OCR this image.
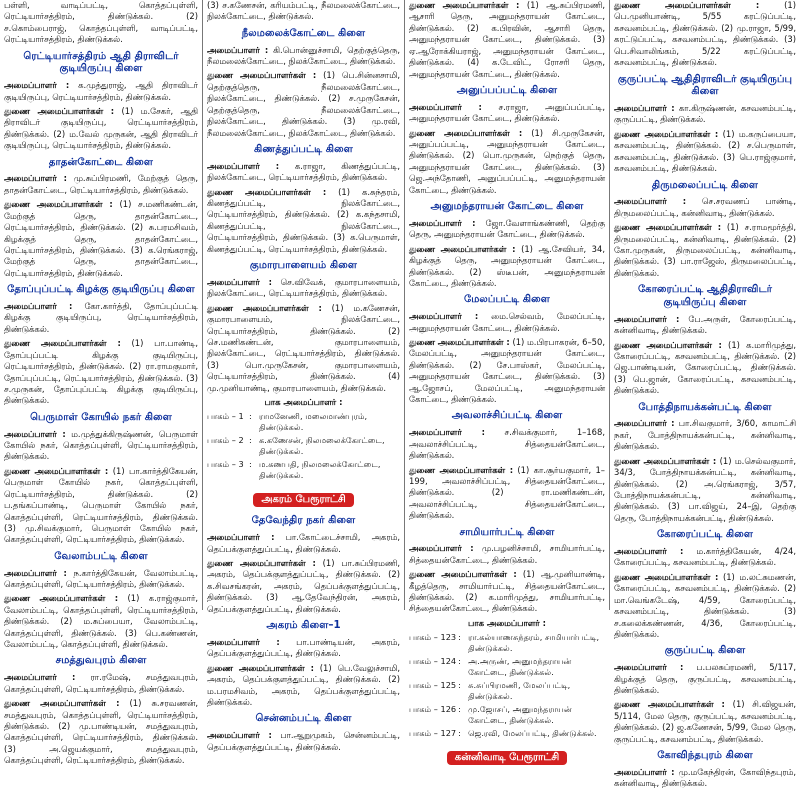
பள்ளி, வாடிப்பட்டி, கொத்தப்புள்ளி, ரெட்டியார்சத்திரம், திண்டுக்கல். (2) ச.கொம்பைராஜ், கொத்தப்புள்ளி, வாடிப்பட்டி, ரெட்டியார்சத்திரம், திண்டுக்கல்.

ரெட்டியார்சத்திரம் ஆதி திராவிடர் குடியிருப்பு கிளை

அமைப்பாளர் : க.முத்துராஜ், ஆதி திராவிடர் குடியிருப்பு, ரெட்டியார்சத்திரம், திண்டுக்கல்.

துணை அமைப்பாளர்கள் : (1) ம.சேகர், ஆதி திராவிடர் குடியிருப்பு, ரெட்டியார்சத்திரம், திண்டுக்கல். (2) ம.வேல் முருகன், ஆதி திராவிடர் குடியிருப்பு, ரெட்டியார்சத்திரம், திண்டுக்கல்.

தாதன்கோட்டை கிளை

அமைப்பாளர் : மு.சுப்பிரமணி, மேற்குத் தெரு, தாதன்கோட்டை, ரெட்டியார்சத்திரம், திண்டுக்கல்.

துணை அமைப்பாளர்கள் : (1) ச.மணிகண்டன், மேற்குத் தெரு, தாதன்கோட்டை, ரெட்டியார்சத்திரம், திண்டுக்கல். (2) சு.பரமசிவம், கிழக்குத் தெரு, தாதன்கோட்டை, ரெட்டியார்சத்திரம், திண்டுக்கல். (3) க.ரெங்கராஜ், மேற்குத் தெரு, தாதன்கோட்டை, ரெட்டியார்சத்திரம், திண்டுக்கல்.

தோப்புப்பட்டி கிழக்கு குடியிருப்பு கிளை

அமைப்பாளர் : கோ.கார்த்தி, தோப்புப்பட்டி கிழக்கு குடியிருப்பு, ரெட்டியார்சத்திரம், திண்டுக்கல்.

துணை அமைப்பாளர்கள் : (1) பா.பாண்டி, தோப்புப்பட்டி கிழக்கு குடியிருப்பு, ரெட்டியார்சத்திரம், திண்டுக்கல். (2) ரா.ராமகுமார், தோப்புப்பட்டி, ரெட்டியார்சத்திரம், திண்டுக்கல். (3) ச.முருகன், தோப்புப்பட்டி கிழக்கு குடியிருப்பு, திண்டுக்கல்.

பெருமாள் கோயில் நகர் கிளை

அமைப்பாளர் : ம.முத்துக்கிருஷ்ணன், பெருமாள் கோயில் நகர், கொத்தப்புள்ளி, ரெட்டியார்சத்திரம், திண்டுக்கல்.

துணை அமைப்பாளர்கள் : (1) பா.கார்த்திகேயன், பெருமாள் கோயில் நகர், கொத்தப்புள்ளி, ரெட்டியார்சத்திரம், திண்டுக்கல். (2) ப.தங்கப்பாண்டி, பெருமாள் கோயில் நகர், கொத்தப்புள்ளி, ரெட்டியார்சத்திரம், திண்டுக்கல். (3) மு.சிவக்குமார், பெருமாள் கோயில் நகர், கொத்தப்புள்ளி, ரெட்டியார்சத்திரம், திண்டுக்கல்.

வேலாம்பட்டி கிளை

அமைப்பாளர் : ந.கார்த்திகேயன், வேலாம்பட்டி, கொத்தப்புள்ளி, ரெட்டியார்சத்திரம், திண்டுக்கல்.

துணை அமைப்பாளர்கள் : (1) க.ராஜ்குமார், வேலாம்பட்டி, கொத்தப்புள்ளி, ரெட்டியார்சத்திரம், திண்டுக்கல். (2) ம.சுப்பையா, வேலாம்பட்டி, கொத்தப்புள்ளி, திண்டுக்கல். (3) பெ.கண்ணன், வேலாம்பட்டி, கொத்தப்புள்ளி, திண்டுக்கல்.

சமத்துவபுரம் கிளை

அமைப்பாளர் : ரா.ரமேஷ், சமத்துவபுரம், கொத்தப்புள்ளி, ரெட்டியார்சத்திரம், திண்டுக்கல்.

துணை அமைப்பாளர்கள் : (1) சு.சரவணன், சமத்துவபுரம், கொத்தப்புள்ளி, ரெட்டியார்சத்திரம், திண்டுக்கல். (2) மு.பாண்டியன், சமத்துவபுரம், கொத்தப்புள்ளி, ரெட்டியார்சத்திரம், திண்டுக்கல். (3) அ.ஜெயக்குமார், சமத்துவபுரம், கொத்தப்புள்ளி, ரெட்டியார்சத்திரம், திண்டுக்கல்.

(3) ச.கணேசன், கரியம்பட்டி, நீலமலைக்கோட்டை, நிலக்கோட்டை, திண்டுக்கல்.

நீலமலைக்கோட்டை கிளை

அமைப்பாளர் : கி.பொன்னுச்சாமி, தெற்குத்தெரு, நீலமலைக்கோட்டை, நிலக்கோட்டை, திண்டுக்கல்.

துணை அமைப்பாளர்கள் : (1) பெ.சின்னசாமி, தெற்குத்தெரு, நீலமலைக்கோட்டை, நிலக்கோட்டை, திண்டுக்கல். (2) ச.முருகேசன், தெற்குத்தெரு, நீலமலைக்கோட்டை, நிலக்கோட்டை, திண்டுக்கல். (3) மு.ரவி, நீலமலைக்கோட்டை, நிலக்கோட்டை, திண்டுக்கல்.

கிணத்துப்பட்டி கிளை

அமைப்பாளர் : க.ராஜா, கிணத்துப்பட்டி, நிலக்கோட்டை, ரெட்டியார்சத்திரம், திண்டுக்கல்.

துணை அமைப்பாளர்கள் : (1) க.சுந்தரம், கிணத்துப்பட்டி, நிலக்கோட்டை, ரெட்டியார்சத்திரம், திண்டுக்கல். (2) க.கந்தசாமி, கிணத்துப்பட்டி, நிலக்கோட்டை, ரெட்டியார்சத்திரம், திண்டுக்கல். (3) க.பெருமாள், கிணத்துப்பட்டி, ரெட்டியார்சத்திரம், திண்டுக்கல்.

குமாரபாளையம் கிளை

அமைப்பாளர் : செ.விவேக், குமாரபாளையம், நிலக்கோட்டை, ரெட்டியார்சத்திரம், திண்டுக்கல்.

துணை அமைப்பாளர்கள் : (1) ம.கணேசன், குமாரபாளையம், நிலக்கோட்டை, ரெட்டியார்சத்திரம், திண்டுக்கல். (2) செ.மணிகண்டன், குமாரபாளையம், நிலக்கோட்டை, ரெட்டியார்சத்திரம், திண்டுக்கல். (3) பொ.முருகேசன், குமாரபாளையம், ரெட்டியார்சத்திரம், திண்டுக்கல். (4) மு.முனியாண்டி, குமாரபாளையம், திண்டுக்கல்.

பாக அமைப்பாளர் :
பாகம் – 1	:	ராமனேணி, மலைமாண்புரம், திண்டுக்கல்.
பாகம் – 2	:	க.கணேசன், நிலமலைக்கோட்டை, திண்டுக்கல்.
பாகம் – 3	:	ம.கணபதி, நிலமலைக்கோட்டை, திண்டுக்கல்.
அகரம் பேரூராட்சி
தேவேந்திர நகர் கிளை

அமைப்பாளர் : பா.கோட்டைச்சாமி, அகரம், தெப்பக்குளத்துப்பட்டி, திண்டுக்கல்.

துணை அமைப்பாளர்கள் : (1) பா.சுப்பிரமணி, அகரம், தெப்பக்குளத்துப்பட்டி, திண்டுக்கல். (2) க.சிவசங்கரன், அகரம், தெப்பக்குளத்துப்பட்டி, திண்டுக்கல். (3) ஆ.தேவேந்திரன், அகரம், தெப்பக்குளத்துப்பட்டி, திண்டுக்கல்.

அகரம் கிளை–1

அமைப்பாளர் : பா.பாண்டியன், அகரம், தெப்பக்குளத்துப்பட்டி, திண்டுக்கல்.

துணை அமைப்பாளர்கள் : (1) பெ.வேலுச்சாமி, அகரம், தெப்பக்குளத்துப்பட்டி, திண்டுக்கல். (2) ம.பரமசிவம், அகரம், தெப்பக்குளத்துப்பட்டி, திண்டுக்கல்.

சென்னம்பட்டி கிளை

அமைப்பாளர் : பா.ஆறுமுகம், சென்னம்பட்டி, தெப்பக்குளத்துப்பட்டி, திண்டுக்கல்.

துணை அமைப்பாளர்கள் : (1) ஆ.சுப்பிரமணி, ஆசாரி தெரு, அனுமந்தராயன் கோட்டை, திண்டுக்கல். (2) க.பிரவின், ஆசாரி தெரு, அனுமந்தராயன் கோட்டை, திண்டுக்கல். (3) ஏ.ஆரோக்கியராஜ், அனுமந்தராயன் கோட்டை, திண்டுக்கல். (4) க.டேவிட், ரோசரி தெரு, அனுமந்தராயன் கோட்டை, திண்டுக்கல்.

அனுப்பப்பட்டி கிளை

அமைப்பாளர் : ச.ராஜா, அனுப்பப்பட்டி, அனுமந்தராயன் கோட்டை, திண்டுக்கல்.

துணை அமைப்பாளர்கள் : (1) சி.முருகேசன், அனுப்பப்பட்டி, அனுமந்தராயன் கோட்டை, திண்டுக்கல். (2) பொ.முருகன், நெற்குத் தெரு, அனுமந்தராயன் கோட்டை, திண்டுக்கல். (3) ஜெ.அந்தோணி, அனுப்பப்பட்டி, அனுமந்தராயன் கோட்டை, திண்டுக்கல்.

அனுமந்தராயன் கோட்டை கிளை

அமைப்பாளர் : ஜோ.வேளாங்கண்ணி, தெற்கு தெரு, அனுமந்தராயன் கோட்டை, திண்டுக்கல்.

துணை அமைப்பாளர்கள் : (1) ஆ.சேவியர், 34, கிழக்குத் தெரு, அனுமந்தராயன் கோட்டை, திண்டுக்கல். (2) ஸ்டீபன், அனுமந்தராயன் கோட்டை, திண்டுக்கல்.

மேலப்பட்டி கிளை

அமைப்பாளர் : மை.செல்வம், மேலப்பட்டி, அனுமந்தராயன் கோட்டை, திண்டுக்கல்.

துணை அமைப்பாளர்கள் : (1) ம.பிரபாகரன், 6–50, மேலப்பட்டி, அனுமந்தராயன் கோட்டை, திண்டுக்கல். (2) சே.பாஸ்கர், மேலப்பட்டி, அனுமந்தராயன் கோட்டை, திண்டுக்கல். (3) ஆ.ஜோசப், மேலப்பட்டி, அனுமந்தராயன் கோட்டை, திண்டுக்கல்.

அவலாச்சிப்பட்டி கிளை

அமைப்பாளர் : ச.சிவக்குமார், 1–168, அவலாச்சிப்பட்டி, சித்தையன்கோட்டை, திண்டுக்கல்.

துணை அமைப்பாளர்கள் : (1) கா.சூர்யகுமார், 1–199, அவலாச்சிப்பட்டி, சித்தையன்கோட்டை, திண்டுக்கல். (2) ரா.மணிகண்டன், அவலாச்சிப்பட்டி, சித்தையன்கோட்டை, திண்டுக்கல்.

சாமியார்பட்டி கிளை

அமைப்பாளர் : மு.பழனிச்சாமி, சாமியார்பட்டி, சித்தையன்கோட்டை, திண்டுக்கல்.

துணை அமைப்பாளர்கள் : (1) ஆ.முனியாண்டி, கீழத்தெரு, சாமியார்பட்டி, சித்தையன்கோட்டை, திண்டுக்கல். (2) க.மாரிமுத்து, சாமியார்பட்டி, சித்தையன்கோட்டை, திண்டுக்கல்.

பாக அமைப்பாளர் :
பாகம் – 123	:	ரா.கல்யாணசுந்தரம், சாமியார்பட்டி, திண்டுக்கல்.
பாகம் – 124	:	அ.அருண், அனுமந்தராயன் கோட்டை, திண்டுக்கல்.
பாகம் – 125	:	சு.சுப்பிரமணி, மேலப்பட்டி, திண்டுக்கல்.
பாகம் – 126	:	மு.ஜோசப், அனுமந்தராயன் கோட்டை, திண்டுக்கல்.
பாகம் – 127	:	ஜெ.ரவி, மேலப்பட்டி, திண்டுக்கல்.
கன்னிவாடி பேரூராட்சி

துணை அமைப்பாளர்கள் : (1) பெ.முனியாண்டி, 5/55 கரட்டுப்பட்டி, கசவனம்பட்டி, திண்டுக்கல். (2) மு.ராஜா, 5/99, கரட்டுப்பட்டி, கசவனம்பட்டி, திண்டுக்கல். (3) பெ.சிவாலிங்கம், 5/22 கரட்டுப்பட்டி, கசவனம்பட்டி, திண்டுக்கல்.

குருப்பட்டி ஆதிதிராவிடர் குடியிருப்பு கிளை

அமைப்பாளர் : கா.கிருஷ்ணன், கசவனம்பட்டி, குருப்பட்டி, திண்டுக்கல்.

துணை அமைப்பாளர்கள் : (1) ம.கருப்பையா, கசவனம்பட்டி, திண்டுக்கல். (2) ச.பெருமாள், கசவனம்பட்டி, திண்டுக்கல். (3) பெ.ராஜ்குமார், கசவனம்பட்டி, திண்டுக்கல்.

திருமலைப்பட்டி கிளை

அமைப்பாளர் : செ.சரவணப் பாண்டி, திருமலைப்பட்டி, கன்னிவாடி, திண்டுக்கல்.

துணை அமைப்பாளர்கள் : (1) ச.ராமமூர்த்தி, திருமலைப்பட்டி, கன்னிவாடி, திண்டுக்கல். (2) கோ.முருகன், திருமலைப்பட்டி, கன்னிவாடி, திண்டுக்கல். (3) பா.ராஜேஸ், திருமலைப்பட்டி, திண்டுக்கல்.

கோரைப்பட்டி ஆதிதிராவிடர் குடியிருப்பு கிளை

அமைப்பாளர் : பே.அருள், கோரைப்பட்டி, கன்னிவாடி, திண்டுக்கல்.

துணை அமைப்பாளர்கள் : (1) க.மாரிமுத்து, கோரைப்பட்டி, கசவனம்பட்டி, திண்டுக்கல். (2) ஜெ.பாண்டியன், கோரைப்பட்டி, திண்டுக்கல். (3) பெ.ஜான், கோரைப்பட்டி, கசவனம்பட்டி, திண்டுக்கல்.

போத்திநாயக்கன்பட்டி கிளை

அமைப்பாளர் : பா.சிவகுமார், 3/60, காமாட்சி நகர், போத்திநாயக்கன்பட்டி, கன்னிவாடி, திண்டுக்கல்.

துணை அமைப்பாளர்கள் : (1) ம.செல்வகுமார், 34/3, போத்திநாயக்கன்பட்டி, கன்னிவாடி, திண்டுக்கல். (2) அ.ரெங்கராஜ், 3/57, போத்திநாயக்கன்பட்டி, கன்னிவாடி, திண்டுக்கல். (3) பா.விஜய், 24–இ, தெற்கு தெரு, போத்திநாயக்கன்பட்டி, திண்டுக்கல்.

கோரைப்பட்டி கிளை

அமைப்பாளர் : ம.கார்த்திகேயன், 4/24, கோரைப்பட்டி, கசவனம்பட்டி, திண்டுக்கல்.

துணை அமைப்பாளர்கள் : (1) ம.லட்சுமணன், கோரைப்பட்டி, கசவனம்பட்டி, திண்டுக்கல். (2) மா.வெங்கடேஷ், 4/59, கோரைப்பட்டி, கசவனம்பட்டி, திண்டுக்கல். (3) ச.கலைக்கண்ணன், 4/36, கோரைப்பட்டி, திண்டுக்கல்.

குருப்பட்டி கிளை

அமைப்பாளர் : ப.பலசுப்ரமணி, 5/117, கிழக்குத் தெரு, குருப்பட்டி, கசவனம்பட்டி, திண்டுக்கல்.

துணை அமைப்பாளர்கள் : (1) சி.விஜயன், 5/114, மேல தெரு, குருப்பட்டி, கசவனம்பட்டி, திண்டுக்கல். (2) ஜ.கணேசன், 5/99, மேல தெரு, குருப்பட்டி, கசவனம்பட்டி, திண்டுக்கல்.

கோவிந்தபுரம் கிளை

அமைப்பாளர் : மு.மகேந்திரன், கோவிந்தபுரம், கன்னிவாடி, திண்டுக்கல்.
